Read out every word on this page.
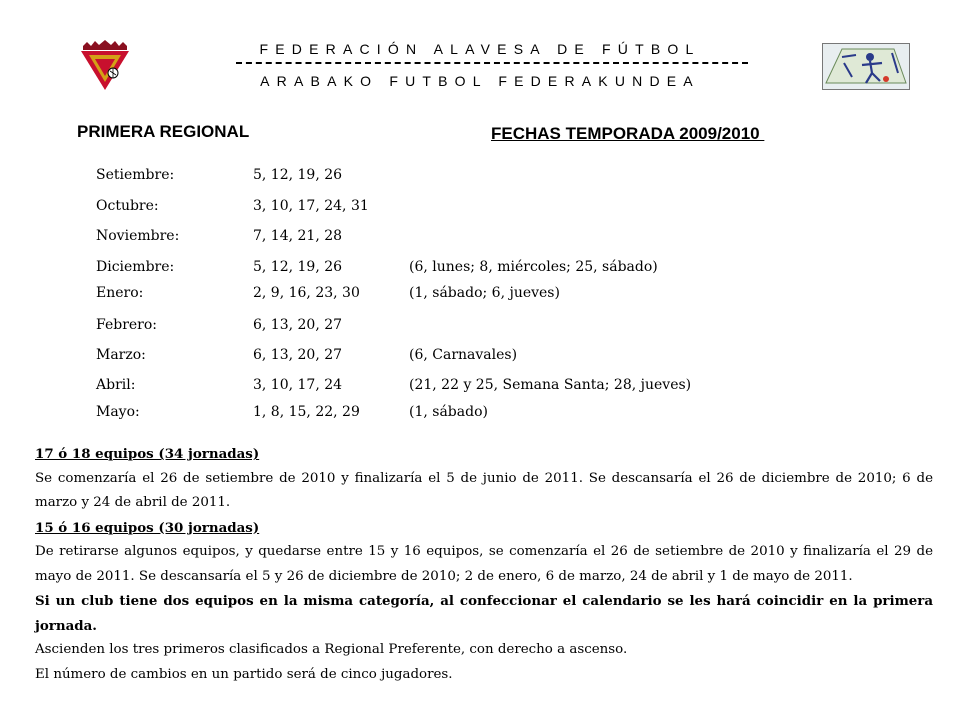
FEDERACIÓN ALAVESA DE FÚTBOL
ARABAKO FUTBOL FEDERAKUNDEA
PRIMERA REGIONAL	FECHAS TEMPORADA 2009/2010
Setiembre:	5, 12, 19, 26
Octubre:	3, 10, 17, 24, 31
Noviembre:	7, 14, 21, 28
Diciembre:	5, 12, 19, 26	(6, lunes; 8, miércoles; 25, sábado)
Enero:	2, 9, 16, 23, 30	(1, sábado; 6, jueves)
Febrero:	6, 13, 20, 27
Marzo:	6, 13, 20, 27	(6, Carnavales)
Abril:	3, 10, 17, 24	(21, 22 y 25, Semana Santa; 28, jueves)
Mayo:	1, 8, 15, 22, 29	(1, sábado)

17 ó 18 equipos (34 jornadas)

Se comenzaría el 26 de setiembre de 2010 y finalizaría el 5 de junio de 2011. Se descansaría el 26 de diciembre de 2010; 6 de marzo y 24 de abril de 2011.

15 ó 16 equipos (30 jornadas)

De retirarse algunos equipos, y quedarse entre 15 y 16 equipos, se comenzaría el 26 de setiembre de 2010 y finalizaría el 29 de mayo de 2011. Se descansaría el 5 y 26 de diciembre de 2010; 2 de enero, 6 de marzo, 24 de abril y 1 de mayo de 2011.

Si un club tiene dos equipos en la misma categoría, al confeccionar el calendario se les hará coincidir en la primera jornada.

Ascienden los tres primeros clasificados a Regional Preferente, con derecho a ascenso.

El número de cambios en un partido será de cinco jugadores.
